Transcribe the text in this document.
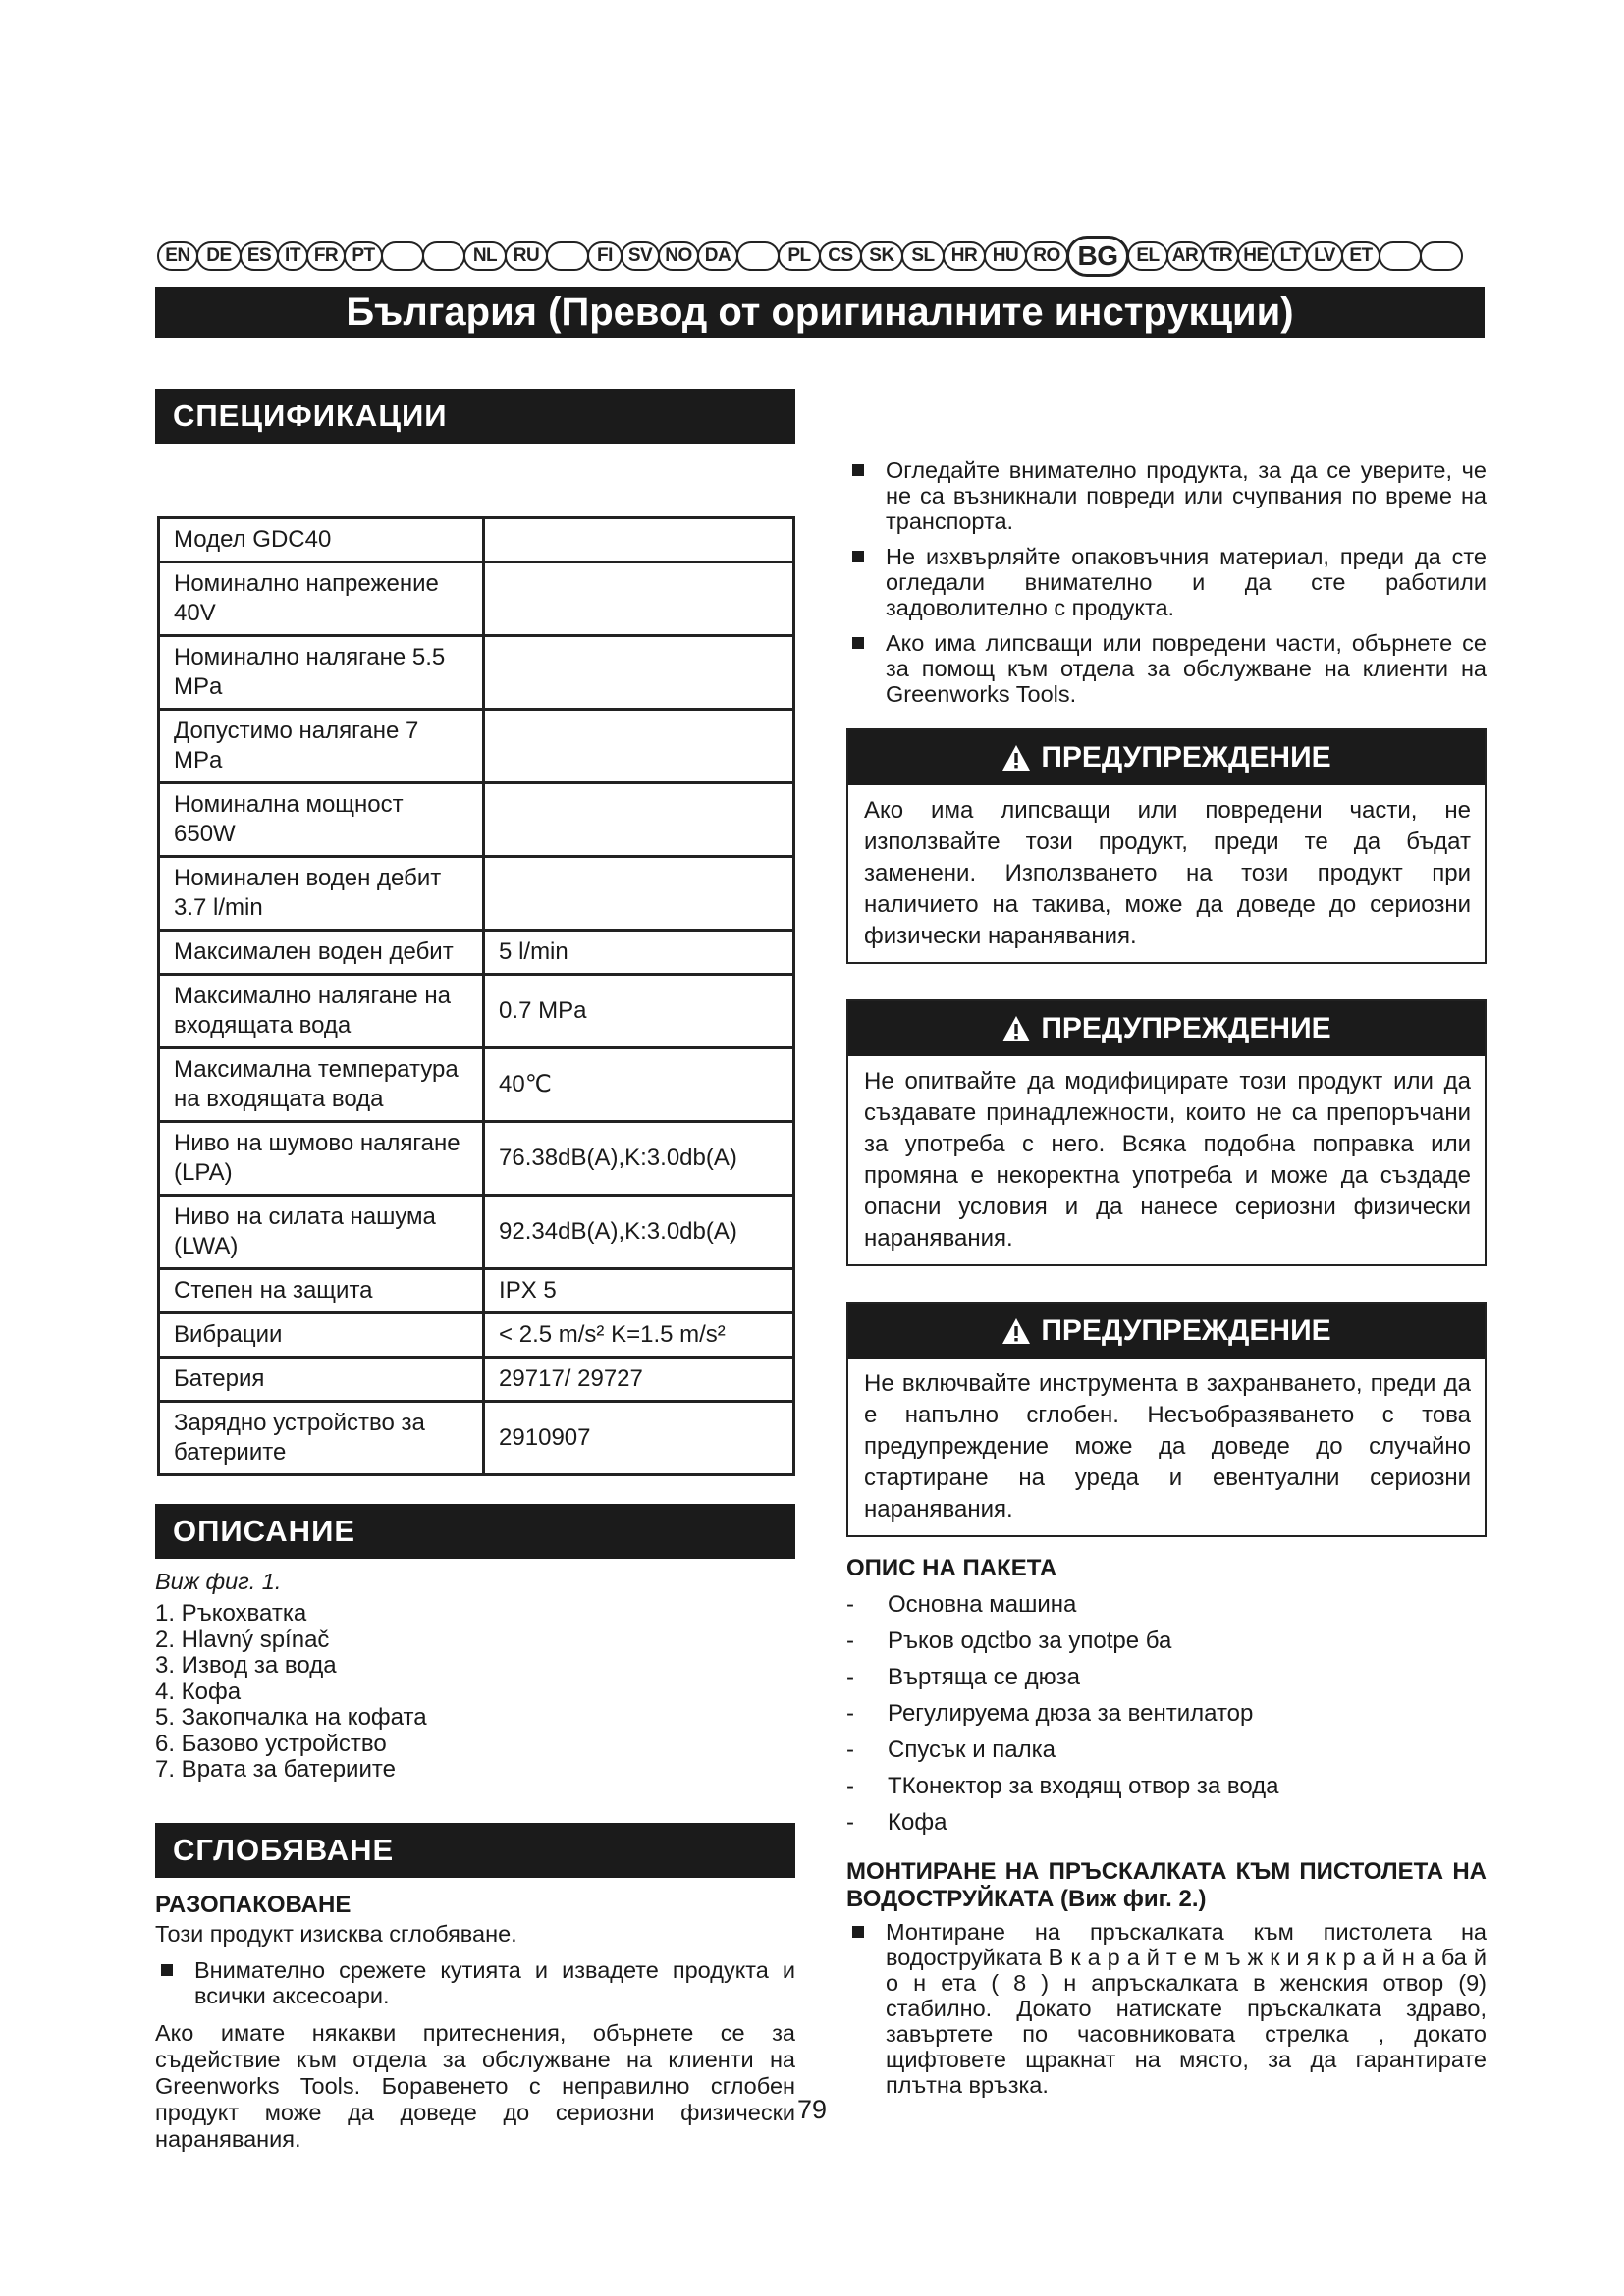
EN DE ES IT FR PT	NL RU	FI SV NO DA	PL CS SK SL HR HU RO BG EL AR TR HE LT LV ET
България (Превод от оригиналните инструкции)
СПЕЦИФИКАЦИИ
Модел GDC40	
Номинално напрежение 40V	
Номинално налягане 5.5 MPa	
Допустимо налягане 7 MPa	
Номинална мощност 650W	
Номинален воден дебит 3.7 l/min	
Максимален воден дебит	5 l/min
Максимално налягане на входящата вода	0.7 MPa
Максимална температура на входящата вода	40℃
Ниво на шумово налягане (LPA)	76.38dB(A),K:3.0db(A)
Ниво на силата нашума (LWA)	92.34dB(A),K:3.0db(A)
Степен на защита	IPX 5
Вибрации	< 2.5 m/s² K=1.5 m/s²
Батерия	29717/ 29727
Зарядно устройство за батериите	2910907
ОПИСАНИЕ

Виж фиг. 1.

1. Ръкохватка
2. Hlavný spínač
3. Извод за вода
4. Кофа
5. Закопчалка на кофата
6. Базово устройство
7. Врата за батериите
СГЛОБЯВАНЕ

РАЗОПАКОВАНЕ

Този продукт изисква сглобяване.

Внимателно срежете кутията и извадете продукта и всички аксесоари.

Ако имате някакви притеснения, обърнете се за съдействие към отдела за обслужване на клиенти на Greenworks Tools. Боравенето с неправилно сглобен продукт може да доведе до сериозни физически наранявания.

Огледайте внимателно продукта, за да се уверите, че не са възникнали повреди или счупвания по време на транспорта.

Не изхвърляйте опаковъчния материал, преди да сте огледали внимателно и да сте работили задоволително с продукта.

Ако има липсващи или повредени части, обърнете се за помощ към отдела за обслужване на клиенти на Greenworks Tools.

ПРЕДУПРЕЖДЕНИЕ
Ако има липсващи или повредени части, не използвайте този продукт, преди те да бъдат заменени. Използването на този продукт при наличието на такива, може да доведе до сериозни физически наранявания.
ПРЕДУПРЕЖДЕНИЕ
Не опитвайте да модифицирате този продукт или да създавате принадлежности, които не са препоръчани за употреба с него. Всяка подобна поправка или промяна е некоректна употреба и може да създаде опасни условия и да нанесе сериозни физически наранявания.
ПРЕДУПРЕЖДЕНИЕ
Не включвайте инструмента в захранването, преди да е напълно сглобен. Несъобразяването с това предупреждение може да доведе до случайно стартиране на уреда и евентуални сериозни наранявания.

ОПИС НА ПАКЕТА

- Основна машина
- Ръков одсtbо за упоtре ба
- Въртяща се дюза
- Регулируема дюза за вентилатор
- Спусък и палка
- ТКонектор за входящ отвор за вода
- Кофа

МОНТИРАНЕ НА ПРЪСКАЛКАТА КЪМ ПИСТОЛЕТА НА ВОДОСТРУЙКАТА (Виж фиг. 2.)

Монтиране на пръскалката към пистолета на водоструйката В к а р а й т е м ъ ж к и я к р а й н а ба й о н ета ( 8 ) н апръскалката в женския отвор (9) стабилно. Докато натискате пръскалката здраво, завъртете по часовниковата стрелка , докато щифтовете щракнат на място, за да гарантирате плътна връзка.

79
